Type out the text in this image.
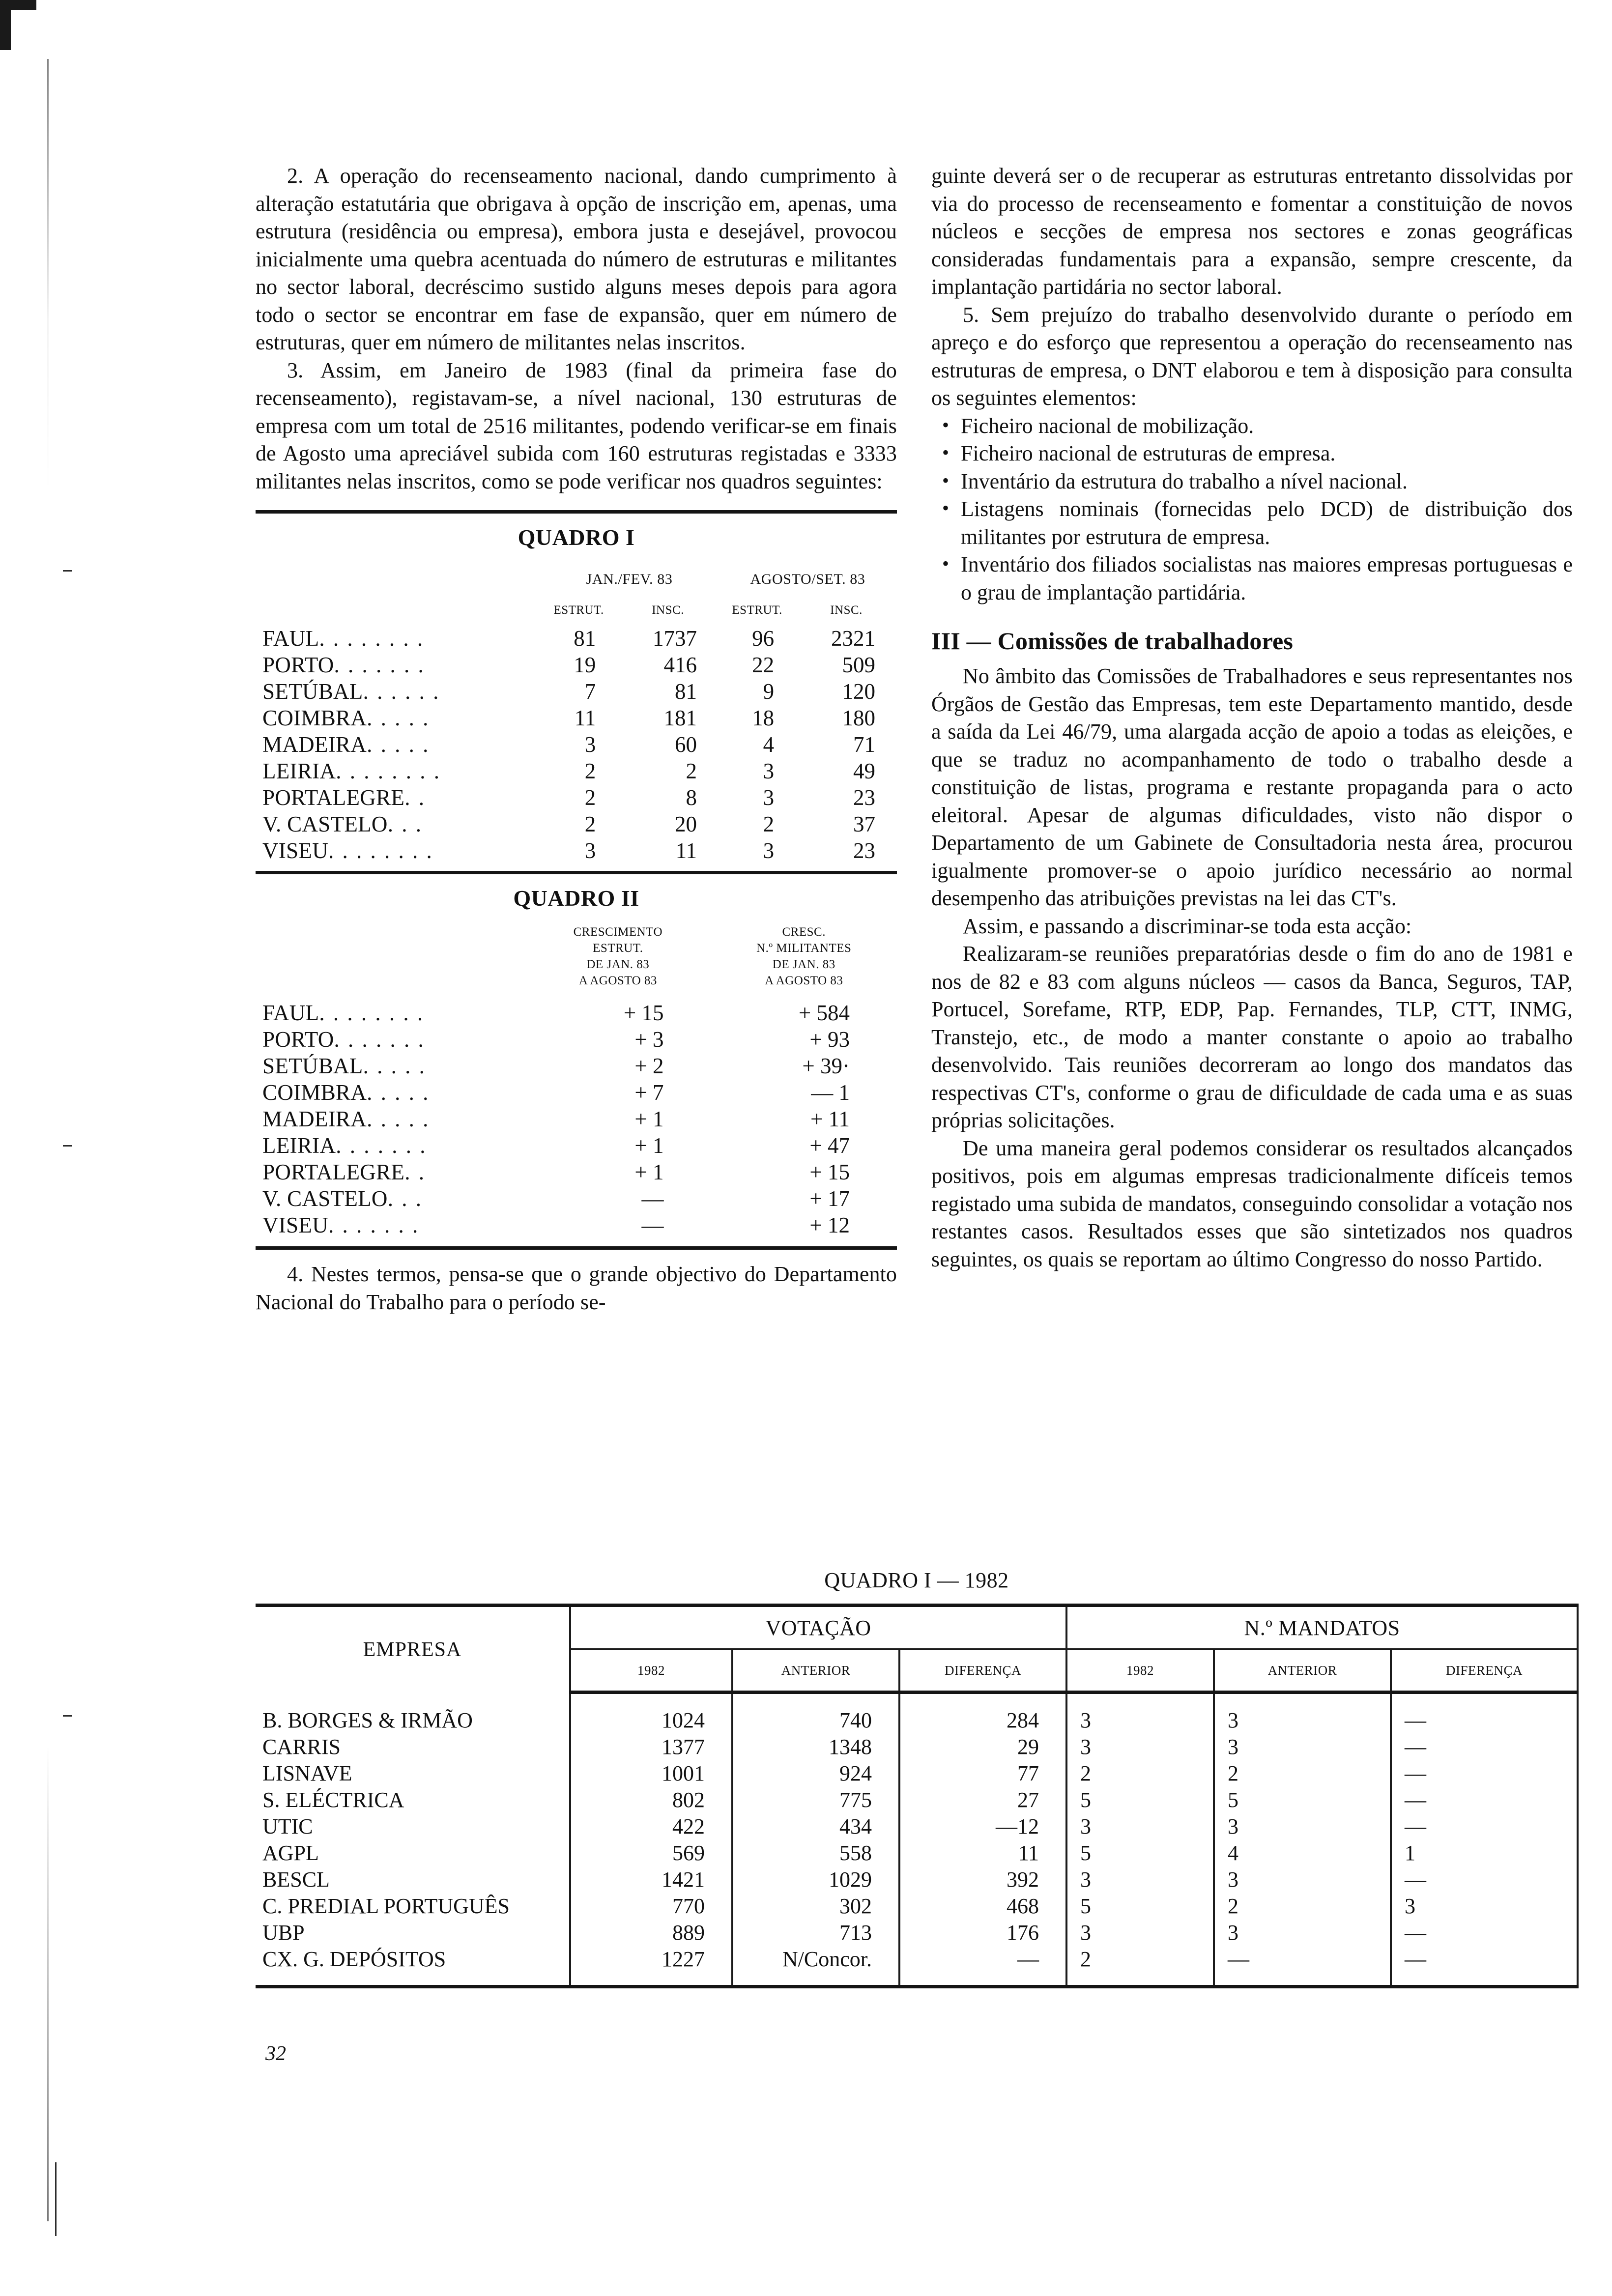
2. A operação do recenseamento nacional, dando cumprimento à alteração estatutária que obrigava à opção de inscrição em, apenas, uma estrutura (residência ou empresa), embora justa e desejável, provocou inicialmente uma quebra acentuada do número de estruturas e militantes no sector laboral, decréscimo sustido alguns meses depois para agora todo o sector se encontrar em fase de expansão, quer em número de estruturas, quer em número de militantes nelas inscritos.

3. Assim, em Janeiro de 1983 (final da primeira fase do recenseamento), registavam-se, a nível nacional, 130 estruturas de empresa com um total de 2516 militantes, podendo verificar-se em finais de Agosto uma apreciável subida com 160 estruturas registadas e 3333 militantes nelas inscritos, como se pode verificar nos quadros seguintes:

QUADRO I				

	JAN./FEV. 83		AGOSTO/SET. 83	
	ESTRUT.	INSC.	ESTRUT.	INSC.
FAUL. . . . . . . .	81	1737	96	2321
PORTO. . . . . . .	19	416	22	509
SETÚBAL. . . . . .	7	81	9	120
COIMBRA. . . . .	11	181	18	180
MADEIRA. . . . .	3	60	4	71
LEIRIA. . . . . . . .	2	2	3	49
PORTALEGRE. .	2	8	3	23
V. CASTELO. . .	2	20	2	37
VISEU. . . . . . . .	3	11	3	23
QUADRO II		

CRESCIMENTO
ESTRUT.
DE JAN. 83
A AGOSTO 83

CRESC.
N.º MILITANTES
DE JAN. 83
A AGOSTO 83

FAUL. . . . . . . .	+ 15	+ 584
PORTO. . . . . . .	+ 3	+ 93
SETÚBAL. . . . .	+ 2	+ 39·
COIMBRA. . . . .	+ 7	— 1
MADEIRA. . . . .	+ 1	+ 11
LEIRIA. . . . . . .	+ 1	+ 47
PORTALEGRE. .	+ 1	+ 15
V. CASTELO. . .	—	+ 17
VISEU. . . . . . .	—	+ 12

4. Nestes termos, pensa-se que o grande objectivo do Departamento Nacional do Trabalho para o período se-

guinte deverá ser o de recuperar as estruturas entretanto dissolvidas por via do processo de recenseamento e fomentar a constituição de novos núcleos e secções de empresa nos sectores e zonas geográficas consideradas fundamentais para a expansão, sempre crescente, da implantação partidária no sector laboral.

5. Sem prejuízo do trabalho desenvolvido durante o período em apreço e do esforço que representou a operação do recenseamento nas estruturas de empresa, o DNT elaborou e tem à disposição para consulta os seguintes elementos:

• Ficheiro nacional de mobilização.
• Ficheiro nacional de estruturas de empresa.
• Inventário da estrutura do trabalho a nível nacional.
• Listagens nominais (fornecidas pelo DCD) de distribuição dos militantes por estrutura de empresa.
• Inventário dos filiados socialistas nas maiores empresas portuguesas e o grau de implantação partidária.
III — Comissões de trabalhadores

No âmbito das Comissões de Trabalhadores e seus representantes nos Órgãos de Gestão das Empresas, tem este Departamento mantido, desde a saída da Lei 46/79, uma alargada acção de apoio a todas as eleições, e que se traduz no acompanhamento de todo o trabalho desde a constituição de listas, programa e restante propaganda para o acto eleitoral. Apesar de algumas dificuldades, visto não dispor o Departamento de um Gabinete de Consultadoria nesta área, procurou igualmente promover-se o apoio jurídico necessário ao normal desempenho das atribuições previstas na lei das CT's.

Assim, e passando a discriminar-se toda esta acção:

Realizaram-se reuniões preparatórias desde o fim do ano de 1981 e nos de 82 e 83 com alguns núcleos — casos da Banca, Seguros, TAP, Portucel, Sorefame, RTP, EDP, Pap. Fernandes, TLP, CTT, INMG, Transtejo, etc., de modo a manter constante o apoio ao trabalho desenvolvido. Tais reuniões decorreram ao longo dos mandatos das respectivas CT's, conforme o grau de dificuldade de cada uma e as suas próprias solicitações.

De uma maneira geral podemos considerar os resultados alcançados positivos, pois em algumas empresas tradicionalmente difíceis temos registado uma subida de mandatos, conseguindo consolidar a votação nos restantes casos. Resultados esses que são sintetizados nos quadros seguintes, os quais se reportam ao último Congresso do nosso Partido.

QUADRO I — 1982
EMPRESA	VOTAÇÃO			N.º MANDATOS		
	1982	ANTERIOR	DIFERENÇA	1982	ANTERIOR	DIFERENÇA

B. BORGES & IRMÃO	1024	740	284	3	3	—
CARRIS	1377	1348	29	3	3	—
LISNAVE	1001	924	77	2	2	—
S. ELÉCTRICA	802	775	27	5	5	—
UTIC	422	434	—12	3	3	—
AGPL	569	558	11	5	4	1
BESCL	1421	1029	392	3	3	—
C. PREDIAL PORTUGUÊS	770	302	468	5	2	3
UBP	889	713	176	3	3	—
CX. G. DEPÓSITOS	1227	N/Concor.	—	2	—	—

32
